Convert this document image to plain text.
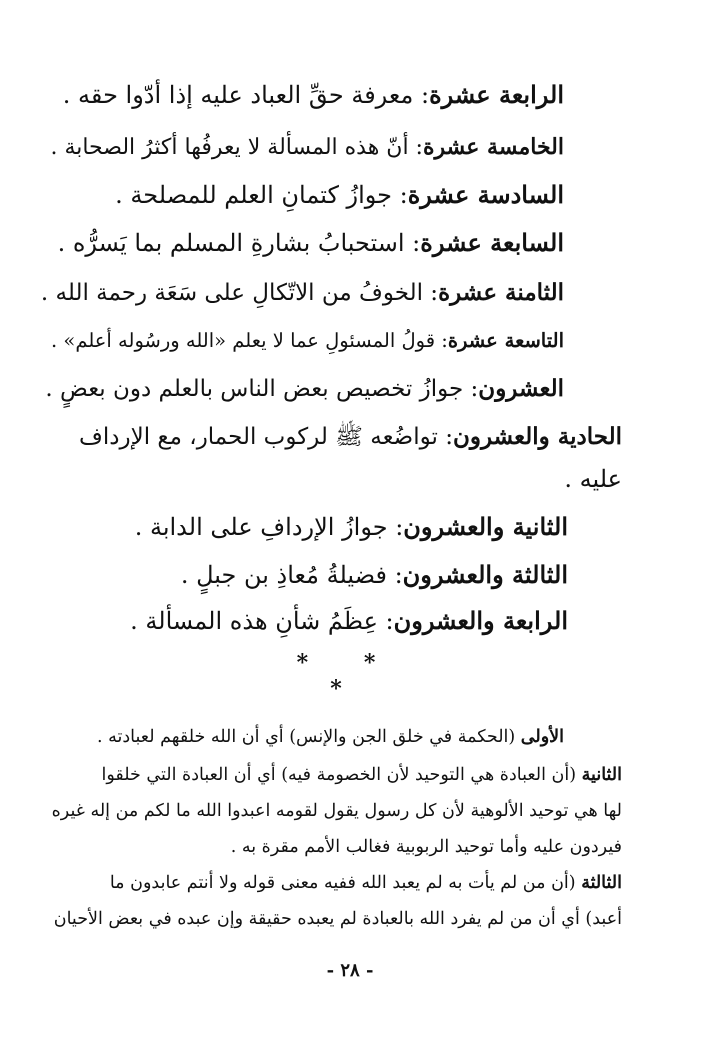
الرابعة عشرة: معرفة حقِّ العباد عليه إذا أدّوا حقه .
الخامسة عشرة: أنّ هذه المسألة لا يعرفُها أكثرُ الصحابة .
السادسة عشرة: جوازُ كتمانِ العلم للمصلحة .
السابعة عشرة: استحبابُ بشارةِ المسلم بما يَسرُّه .
الثامنة عشرة: الخوفُ من الاتّكالِ على سَعَة رحمة الله .
التاسعة عشرة: قولُ المسئولِ عما لا يعلم «الله ورسُوله أعلم» .
العشرون: جوازُ تخصيص بعض الناس بالعلم دون بعضٍ .
الحادية والعشرون: تواضُعه ﷺ لركوب الحمار، مع الإرداف
عليه .
الثانية والعشرون: جوازُ الإردافِ على الدابة .
الثالثة والعشرون: فضيلةُ مُعاذِ بن جبلٍ .
الرابعة والعشرون: عِظَمُ شأنِ هذه المسألة .
* * *
الأولى (الحكمة في خلق الجن والإنس) أي أن الله خلقهم لعبادته .
الثانية (أن العبادة هي التوحيد لأن الخصومة فيه) أي أن العبادة التي خلقوا
لها هي توحيد الألوهية لأن كل رسول يقول لقومه اعبدوا الله ما لكم من إله غيره
فيردون عليه وأما توحيد الربوبية فغالب الأمم مقرة به .
الثالثة (أن من لم يأت به لم يعبد الله ففيه معنى قوله ولا أنتم عابدون ما
أعبد) أي أن من لم يفرد الله بالعبادة لم يعبده حقيقة وإن عبده في بعض الأحيان
- ٢٨ -
